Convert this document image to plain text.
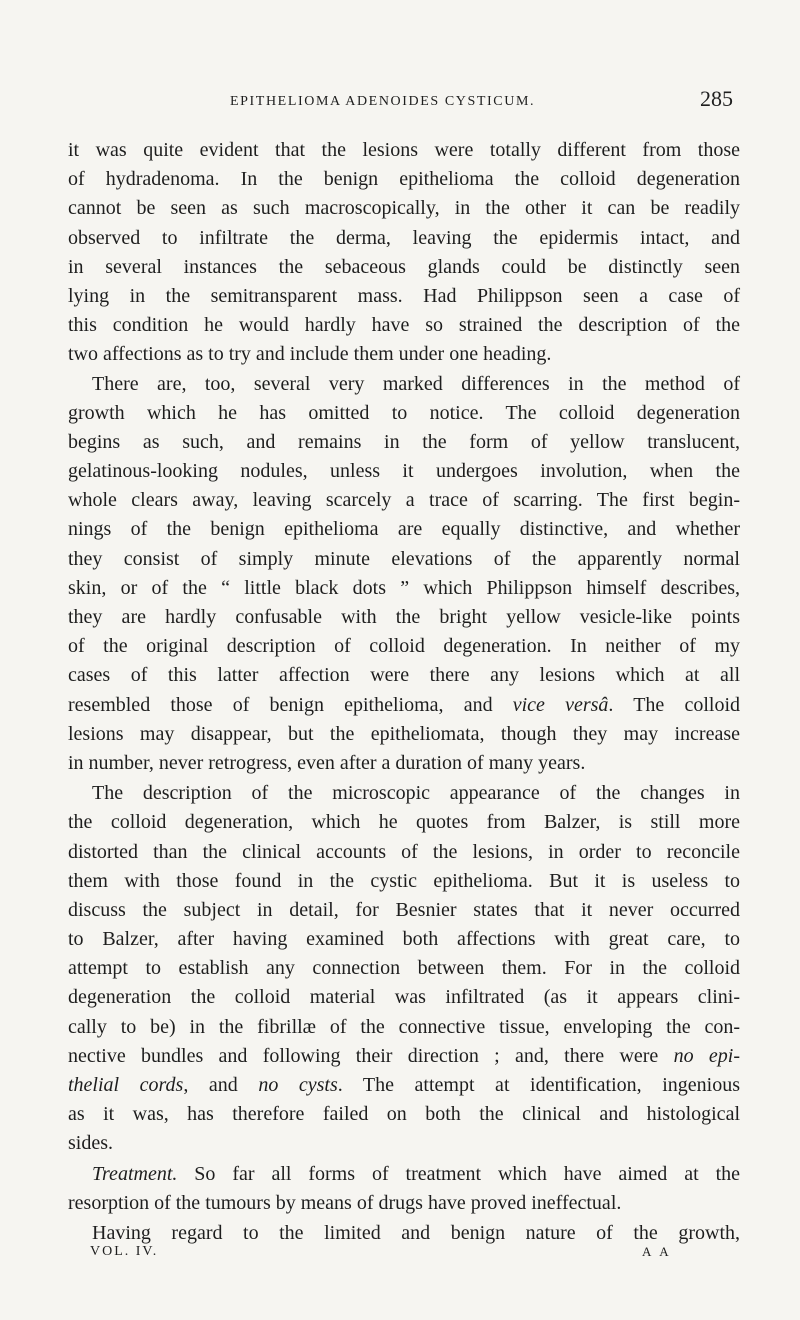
EPITHELIOMA ADENOIDES CYSTICUM.	285
it was quite evident that the lesions were totally different from those
of hydradenoma. In the benign epithelioma the colloid degeneration
cannot be seen as such macroscopically, in the other it can be readily
observed to infiltrate the derma, leaving the epidermis intact, and
in several instances the sebaceous glands could be distinctly seen
lying in the semitransparent mass. Had Philippson seen a case of
this condition he would hardly have so strained the description of the
two affections as to try and include them under one heading.
There are, too, several very marked differences in the method of
growth which he has omitted to notice. The colloid degeneration
begins as such, and remains in the form of yellow translucent,
gelatinous-looking nodules, unless it undergoes involution, when the
whole clears away, leaving scarcely a trace of scarring. The first begin-
nings of the benign epithelioma are equally distinctive, and whether
they consist of simply minute elevations of the apparently normal
skin, or of the “ little black dots ” which Philippson himself describes,
they are hardly confusable with the bright yellow vesicle-like points
of the original description of colloid degeneration. In neither of my
cases of this latter affection were there any lesions which at all
resembled those of benign epithelioma, and vice versâ. The colloid
lesions may disappear, but the epitheliomata, though they may increase
in number, never retrogress, even after a duration of many years.
The description of the microscopic appearance of the changes in
the colloid degeneration, which he quotes from Balzer, is still more
distorted than the clinical accounts of the lesions, in order to reconcile
them with those found in the cystic epithelioma. But it is useless to
discuss the subject in detail, for Besnier states that it never occurred
to Balzer, after having examined both affections with great care, to
attempt to establish any connection between them. For in the colloid
degeneration the colloid material was infiltrated (as it appears clini-
cally to be) in the fibrillæ of the connective tissue, enveloping the con-
nective bundles and following their direction ; and, there were no epi-
thelial cords, and no cysts. The attempt at identification, ingenious
as it was, has therefore failed on both the clinical and histological
sides.
Treatment. So far all forms of treatment which have aimed at the
resorption of the tumours by means of drugs have proved ineffectual.
Having regard to the limited and benign nature of the growth,
VOL. IV.	A A
